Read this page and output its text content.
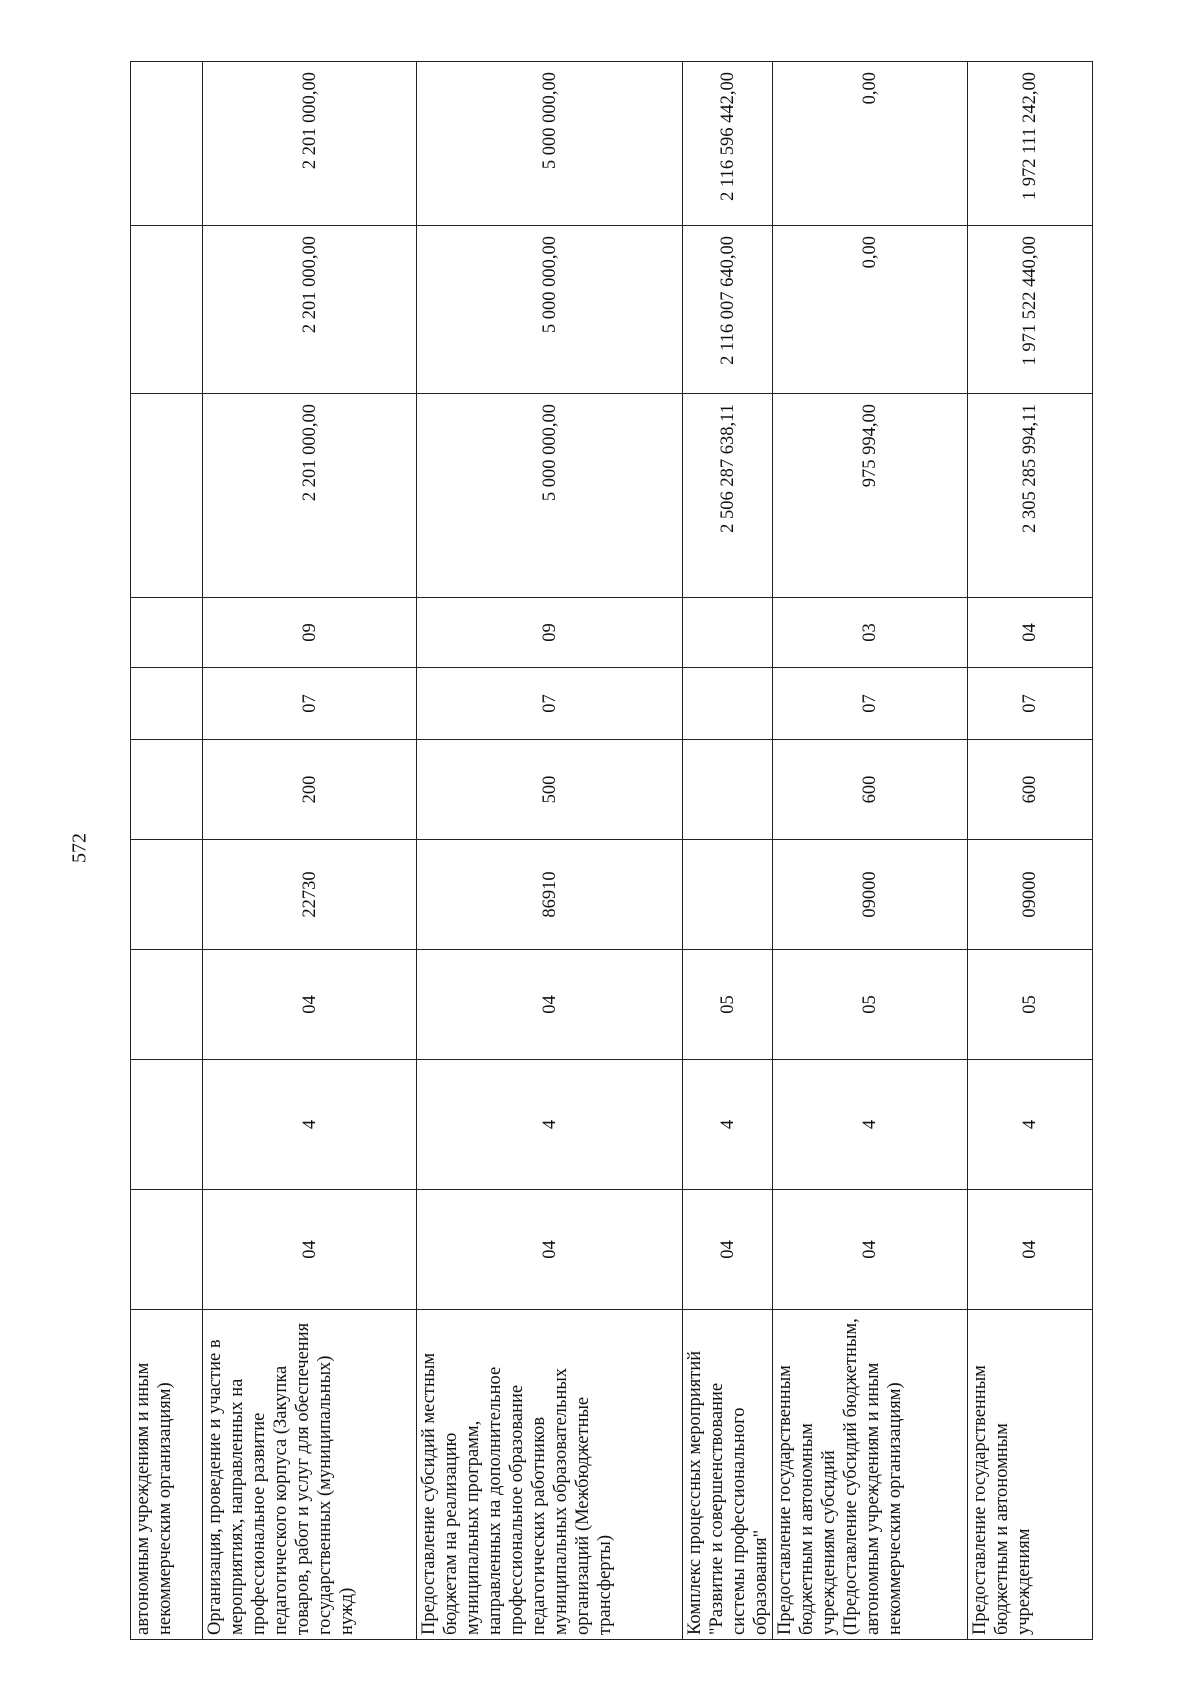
572
автономным учреждениям и иным некоммерческим организациям)										
Организация, проведение и участие в мероприятиях, направленных на профессиональное развитие педагогического корпуса (Закупка товаров, работ и услуг для обеспечения государственных (муниципальных) нужд)	04	4	04	22730	200	07	09	2 201 000,00	2 201 000,00	2 201 000,00
Предоставление субсидий местным бюджетам на реализацию муниципальных программ, направленных на дополнительное профессиональное образование педагогических работников муниципальных образовательных организаций (Межбюджетные трансферты)	04	4	04	86910	500	07	09	5 000 000,00	5 000 000,00	5 000 000,00
Комплекс процессных мероприятий "Развитие и совершенствование системы профессионального образования"	04	4	05					2 506 287 638,11	2 116 007 640,00	2 116 596 442,00
Предоставление государственным бюджетным и автономным учреждениям субсидий (Предоставление субсидий бюджетным, автономным учреждениям и иным некоммерческим организациям)	04	4	05	09000	600	07	03	975 994,00	0,00	0,00
Предоставление государственным бюджетным и автономным учреждениям	04	4	05	09000	600	07	04	2 305 285 994,11	1 971 522 440,00	1 972 111 242,00
